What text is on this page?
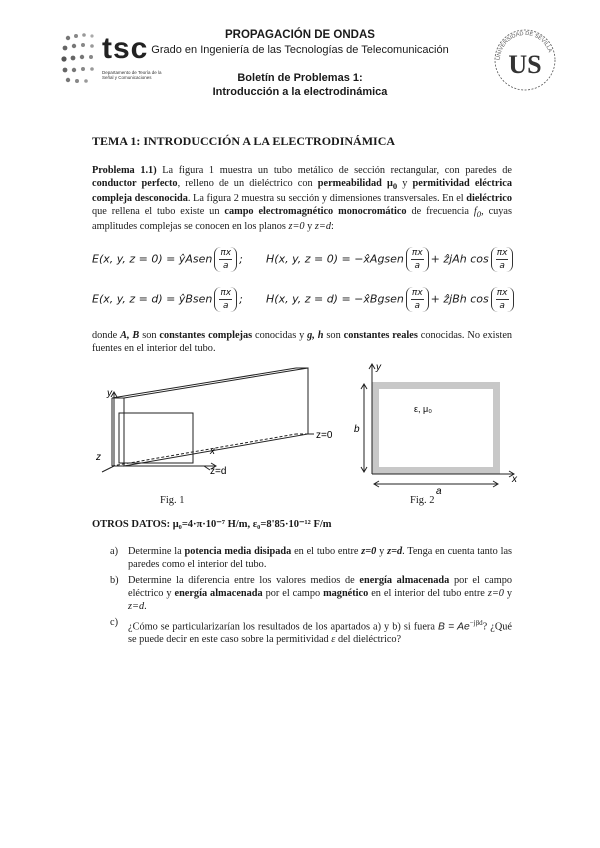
tsc
Departamento de Teoría de la Señal y Comunicaciones
PROPAGACIÓN DE ONDAS
Grado en Ingeniería de las Tecnologías de Telecomunicación
Boletín de Problemas 1:
Introducción a la electrodinámica
UNIVERSIDAD DE SEVILLA
US
TEMA 1: INTRODUCCIÓN A LA ELECTRODINÁMICA
Problema 1.1) La figura 1 muestra un tubo metálico de sección rectangular, con paredes de conductor perfecto, relleno de un dieléctrico con permeabilidad $\mu_0$ y permitividad eléctrica compleja desconocida. La figura 2 muestra su sección y dimensiones transversales. En el dieléctrico que rellena el tubo existe un campo electromagnético monocromático de frecuencia $f_0$, cuyas amplitudes complejas se conocen en los planos z=0 y z=d:
E(x, y, z = 0) = ŷAsen $\frac{\pi x}{a}$ ; H(x, y, z = 0) = −x̂Agsen $\frac{\pi x}{a}$ + ẑjAh $\cos \frac{\pi x}{a}$
E(x, y, z = d) = ŷBsen $\frac{\pi x}{a}$ ; H(x, y, z = d) = −x̂Bgsen $\frac{\pi x}{a}$ + ẑjBh $\cos \frac{\pi x}{a}$
donde A, B son constantes complejas conocidas y g, h son constantes reales conocidas. No existen fuentes en el interior del tubo.
y
x
z
z=0
z=d
y
x
b
a
ε, μ₀
Fig. 1	Fig. 2
OTROS DATOS: μ₀=4·π·10⁻⁷ H/m, ε₀=8'85·10⁻¹² F/m
a) Determine la potencia media disipada en el tubo entre z=0 y z=d. Tenga en cuenta tanto las paredes como el interior del tubo.
b) Determine la diferencia entre los valores medios de energía almacenada por el campo eléctrico y energía almacenada por el campo magnético en el interior del tubo entre z=0 y z=d.
c) ¿Cómo se particularizarían los resultados de los apartados a) y b) si fuera $B = Ae^{-j\beta d}$? ¿Qué se puede decir en este caso sobre la permitividad ε del dieléctrico?
